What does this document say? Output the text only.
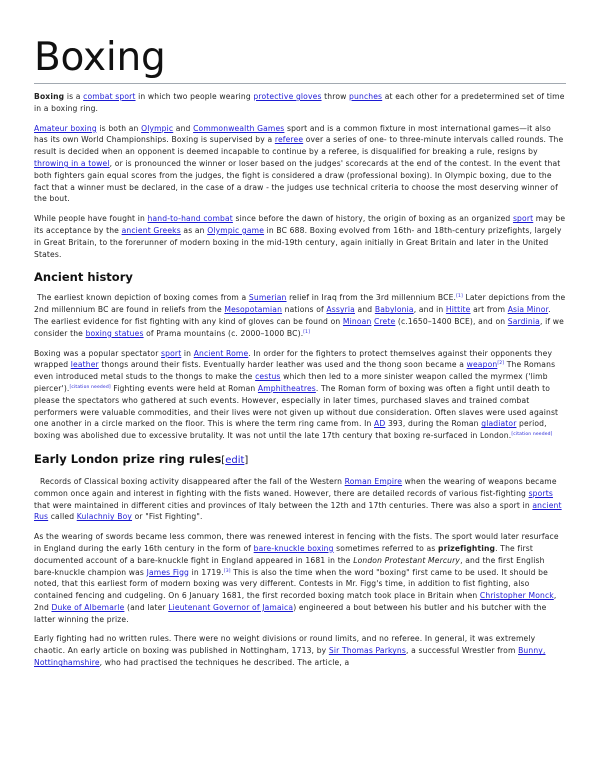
Boxing

Boxing is a combat sport in which two people wearing protective gloves throw punches at each other for a predetermined set of time in a boxing ring.

Amateur boxing is both an Olympic and Commonwealth Games sport and is a common fixture in most international games—it also has its own World Championships. Boxing is supervised by a referee over a series of one- to three-minute intervals called rounds. The result is decided when an opponent is deemed incapable to continue by a referee, is disqualified for breaking a rule, resigns by throwing in a towel, or is pronounced the winner or loser based on the judges' scorecards at the end of the contest. In the event that both fighters gain equal scores from the judges, the fight is considered a draw (professional boxing). In Olympic boxing, due to the fact that a winner must be declared, in the case of a draw - the judges use technical criteria to choose the most deserving winner of the bout.

While people have fought in hand-to-hand combat since before the dawn of history, the origin of boxing as an organized sport may be its acceptance by the ancient Greeks as an Olympic game in BC 688. Boxing evolved from 16th- and 18th-century prizefights, largely in Great Britain, to the forerunner of modern boxing in the mid-19th century, again initially in Great Britain and later in the United States.

Ancient history

The earliest known depiction of boxing comes from a Sumerian relief in Iraq from the 3rd millennium BCE.[1] Later depictions from the 2nd millennium BC are found in reliefs from the Mesopotamian nations of Assyria and Babylonia, and in Hittite art from Asia Minor. The earliest evidence for fist fighting with any kind of gloves can be found on Minoan Crete (c.1650–1400 BCE), and on Sardinia, if we consider the boxing statues of Prama mountains (c. 2000–1000 BC).[1]

Boxing was a popular spectator sport in Ancient Rome. In order for the fighters to protect themselves against their opponents they wrapped leather thongs around their fists. Eventually harder leather was used and the thong soon became a weapon[2] The Romans even introduced metal studs to the thongs to make the cestus which then led to a more sinister weapon called the myrmex ('limb piercer').[citation needed] Fighting events were held at Roman Amphitheatres. The Roman form of boxing was often a fight until death to please the spectators who gathered at such events. However, especially in later times, purchased slaves and trained combat performers were valuable commodities, and their lives were not given up without due consideration. Often slaves were used against one another in a circle marked on the floor. This is where the term ring came from. In AD 393, during the Roman gladiator period, boxing was abolished due to excessive brutality. It was not until the late 17th century that boxing re-surfaced in London.[citation needed]

Early London prize ring rules[edit]

Records of Classical boxing activity disappeared after the fall of the Western Roman Empire when the wearing of weapons became common once again and interest in fighting with the fists waned. However, there are detailed records of various fist-fighting sports that were maintained in different cities and provinces of Italy between the 12th and 17th centuries. There was also a sport in ancient Rus called Kulachniy Boy or "Fist Fighting".

As the wearing of swords became less common, there was renewed interest in fencing with the fists. The sport would later resurface in England during the early 16th century in the form of bare-knuckle boxing sometimes referred to as prizefighting. The first documented account of a bare-knuckle fight in England appeared in 1681 in the London Protestant Mercury, and the first English bare-knuckle champion was James Figg in 1719.[3] This is also the time when the word "boxing" first came to be used. It should be noted, that this earliest form of modern boxing was very different. Contests in Mr. Figg's time, in addition to fist fighting, also contained fencing and cudgeling. On 6 January 1681, the first recorded boxing match took place in Britain when Christopher Monck, 2nd Duke of Albemarle (and later Lieutenant Governor of Jamaica) engineered a bout between his butler and his butcher with the latter winning the prize.

Early fighting had no written rules. There were no weight divisions or round limits, and no referee. In general, it was extremely chaotic. An early article on boxing was published in Nottingham, 1713, by Sir Thomas Parkyns, a successful Wrestler from Bunny, Nottinghamshire, who had practised the techniques he described. The article, a
